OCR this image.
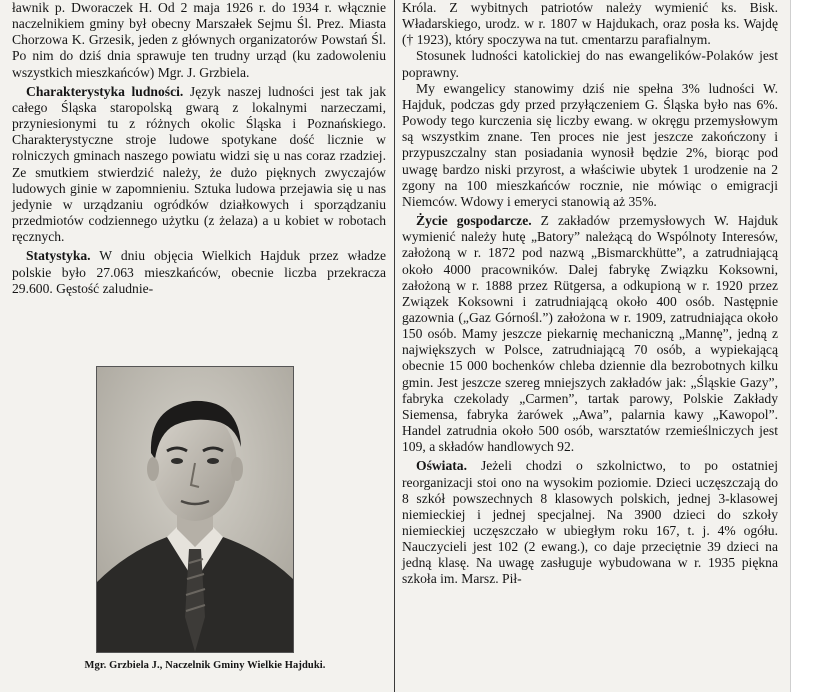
ławnik p. Dworaczek H. Od 2 maja 1926 r. do 1934 r. włącznie naczelnikiem gminy był obecny Marszałek Sejmu Śl. Prez. Miasta Chorzowa K. Grzesik, jeden z głównych organizatorów Powstań Śl. Po nim do dziś dnia sprawuje ten trudny urząd (ku zadowoleniu wszystkich mieszkańców) Mgr. J. Grzbiela.

Charakterystyka ludności. Język naszej ludności jest tak jak całego Śląska staropolską gwarą z lokalnymi narzeczami, przyniesionymi tu z różnych okolic Śląska i Poznańskiego. Charakterystyczne stroje ludowe spotykane dość licznie w rolniczych gminach naszego powiatu widzi się u nas coraz rzadziej. Ze smutkiem stwierdzić należy, że dużo pięknych zwyczajów ludowych ginie w zapomnieniu. Sztuka ludowa przejawia się u nas jedynie w urządzaniu ogródków działkowych i sporządzaniu przedmiotów codziennego użytku (z żelaza) a u kobiet w robotach ręcznych.

Statystyka. W dniu objęcia Wielkich Hajduk przez władze polskie było 27.063 mieszkańców, obecnie liczba przekracza 29.600. Gęstość zaludnie-

Mgr. Grzbiela J., Naczelnik Gminy Wielkie Hajduki.

Króla. Z wybitnych patriotów należy wymienić ks. Bisk. Władarskiego, urodz. w r. 1807 w Hajdukach, oraz posła ks. Wajdę († 1923), który spoczywa na tut. cmentarzu parafialnym.

Stosunek ludności katolickiej do nas ewangelików-Polaków jest poprawny.

My ewangelicy stanowimy dziś nie spełna 3% ludności W. Hajduk, podczas gdy przed przyłączeniem G. Śląska było nas 6%. Powody tego kurczenia się liczby ewang. w okręgu przemysłowym są wszystkim znane. Ten proces nie jest jeszcze zakończony i przypuszczalny stan posiadania wynosił będzie 2%, biorąc pod uwagę bardzo niski przyrost, a właściwie ubytek 1 urodzenie na 2 zgony na 100 mieszkańców rocznie, nie mówiąc o emigracji Niemców. Wdowy i emeryci stanowią aż 35%.

Życie gospodarcze. Z zakładów przemysłowych W. Hajduk wymienić należy hutę „Batory” należącą do Wspólnoty Interesów, założoną w r. 1872 pod nazwą „Bismarckhütte”, a zatrudniającą około 4000 pracowników. Dalej fabrykę Związku Koksowni, założoną w r. 1888 przez Rütgersa, a odkupioną w r. 1920 przez Związek Koksowni i zatrudniającą około 400 osób. Następnie gazownia („Gaz Górnośl.”) założona w r. 1909, zatrudniająca około 150 osób. Mamy jeszcze piekarnię mechaniczną „Mannę”, jedną z największych w Polsce, zatrudniającą 70 osób, a wypiekającą obecnie 15 000 bochenków chleba dziennie dla bezrobotnych kilku gmin. Jest jeszcze szereg mniejszych zakładów jak: „Śląskie Gazy”, fabryka czekolady „Carmen”, tartak parowy, Polskie Zakłady Siemensa, fabryka żarówek „Awa”, palarnia kawy „Kawopol”. Handel zatrudnia około 500 osób, warsztatów rzemieślniczych jest 109, a składów handlowych 92.

Oświata. Jeżeli chodzi o szkolnictwo, to po ostatniej reorganizacji stoi ono na wysokim poziomie. Dzieci uczęszczają do 8 szkół powszechnych 8 klasowych polskich, jednej 3-klasowej niemieckiej i jednej specjalnej. Na 3900 dzieci do szkoły niemieckiej uczęszczało w ubiegłym roku 167, t. j. 4% ogółu. Nauczycieli jest 102 (2 ewang.), co daje przeciętnie 39 dzieci na jedną klasę. Na uwagę zasługuje wybudowana w r. 1935 piękna szkoła im. Marsz. Pił-
